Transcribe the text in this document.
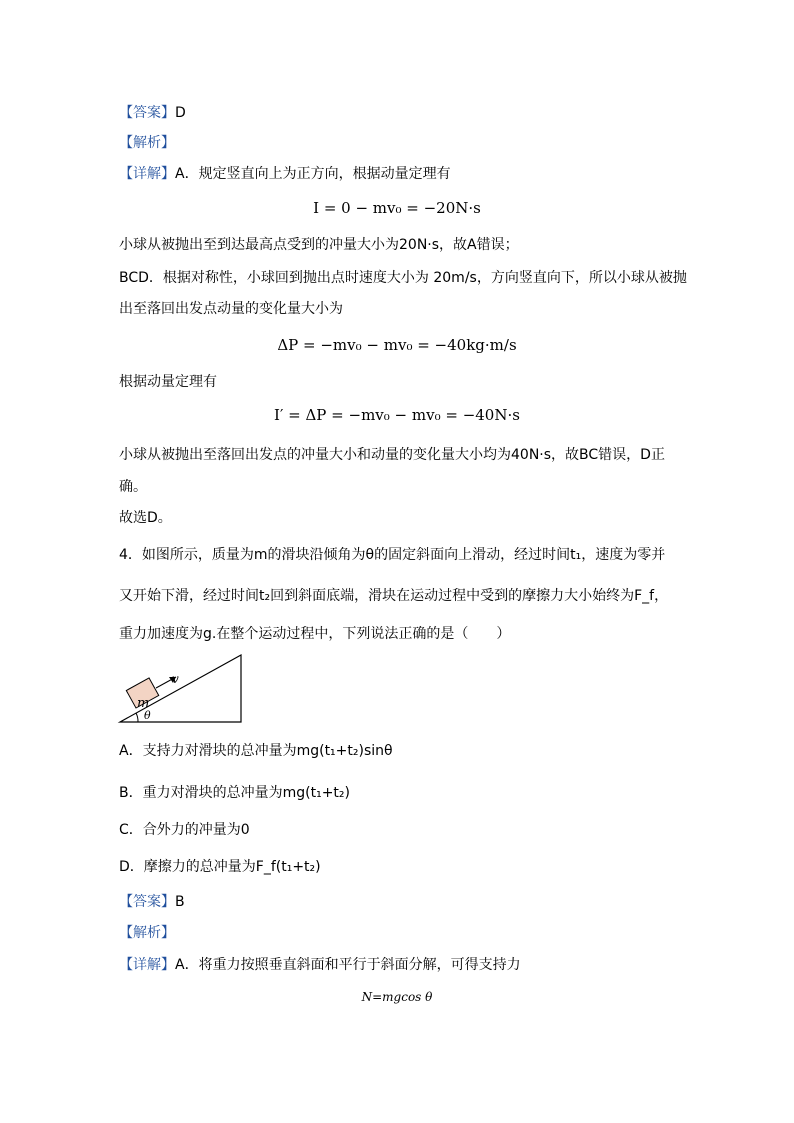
【答案】D
【解析】
【详解】A．规定竖直向上为正方向，根据动量定理有
I = 0 − mv₀ = −20N·s
小球从被抛出至到达最高点受到的冲量大小为20N·s，故A错误；
BCD．根据对称性，小球回到抛出点时速度大小为 20m/s，方向竖直向下，所以小球从被抛
出至落回出发点动量的变化量大小为
ΔP = −mv₀ − mv₀ = −40kg·m/s
根据动量定理有
I′ = ΔP = −mv₀ − mv₀ = −40N·s
小球从被抛出至落回出发点的冲量大小和动量的变化量大小均为40N·s，故BC错误，D正
确。
故选D。
4．如图所示，质量为m的滑块沿倾角为θ的固定斜面向上滑动，经过时间t₁，速度为零并
又开始下滑，经过时间t₂回到斜面底端，滑块在运动过程中受到的摩擦力大小始终为F_f，
重力加速度为g.在整个运动过程中，下列说法正确的是（　　）
m
v
θ
A．支持力对滑块的总冲量为mg(t₁+t₂)sinθ
B．重力对滑块的总冲量为mg(t₁+t₂)
C．合外力的冲量为0
D．摩擦力的总冲量为F_f(t₁+t₂)
【答案】B
【解析】
【详解】A．将重力按照垂直斜面和平行于斜面分解，可得支持力
N=mgcos θ
